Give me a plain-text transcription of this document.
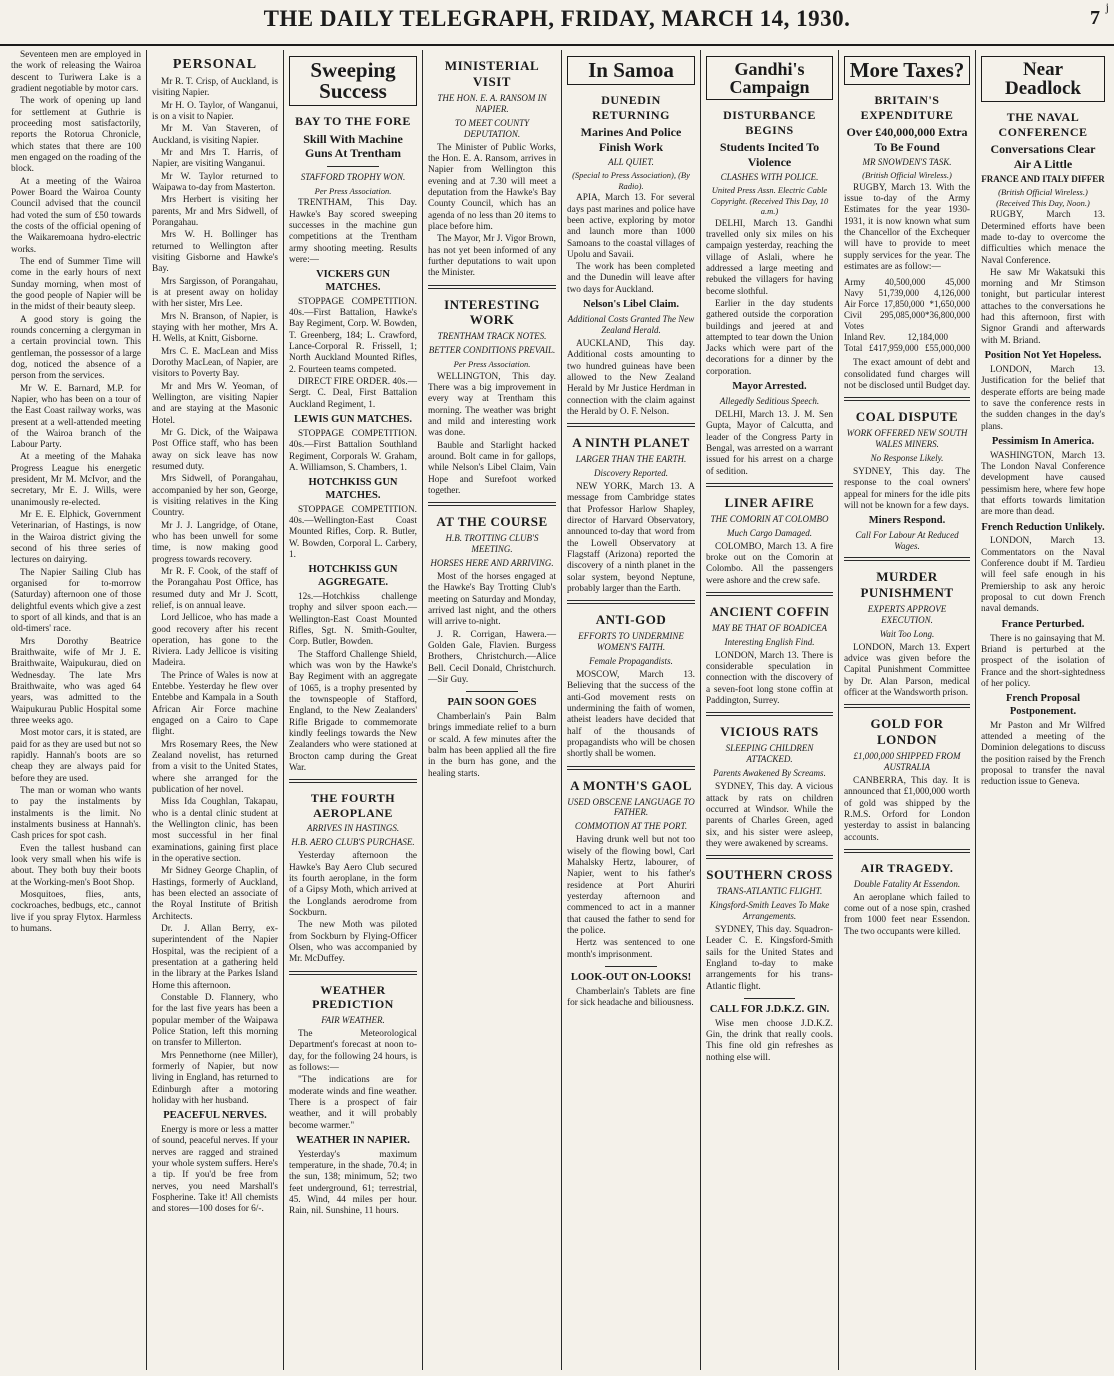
THE DAILY TELEGRAPH, FRIDAY, MARCH 14, 1930.	7 j

Seventeen men are employed in the work of releasing the Wairoa descent to Turiwera Lake is a gradient negotiable by motor cars.

The work of opening up land for settlement at Guthrie is proceeding most satisfactorily, reports the Rotorua Chronicle, which states that there are 100 men engaged on the roading of the block.

At a meeting of the Wairoa Power Board the Wairoa County Council advised that the council had voted the sum of £50 towards the costs of the official opening of the Waikaremoana hydro-electric works.

The end of Summer Time will come in the early hours of next Sunday morning, when most of the good people of Napier will be in the midst of their beauty sleep.

A good story is going the rounds concerning a clergyman in a certain provincial town. This gentleman, the possessor of a large dog, noticed the absence of a person from the services.

Mr W. E. Barnard, M.P. for Napier, who has been on a tour of the East Coast railway works, was present at a well-attended meeting of the Wairoa branch of the Labour Party.

At a meeting of the Mahaka Progress League his energetic president, Mr M. McIvor, and the secretary, Mr E. J. Wills, were unanimously re-elected.

Mr E. E. Elphick, Government Veterinarian, of Hastings, is now in the Wairoa district giving the second of his three series of lectures on dairying.

The Napier Sailing Club has organised for to-morrow (Saturday) afternoon one of those delightful events which give a zest to sport of all kinds, and that is an old-timers' race.

Mrs Dorothy Beatrice Braithwaite, wife of Mr J. E. Braithwaite, Waipukurau, died on Wednesday. The late Mrs Braithwaite, who was aged 64 years, was admitted to the Waipukurau Public Hospital some three weeks ago.

Most motor cars, it is stated, are paid for as they are used but not so rapidly. Hannah's boots are so cheap they are always paid for before they are used.

The man or woman who wants to pay the instalments by instalments is the limit. No instalments business at Hannah's. Cash prices for spot cash.

Even the tallest husband can look very small when his wife is about. They both buy their boots at the Working-men's Boot Shop.

Mosquitoes, flies, ants, cockroaches, bedbugs, etc., cannot live if you spray Flytox. Harmless to humans.

PERSONAL

Mr R. T. Crisp, of Auckland, is visiting Napier.

Mr H. O. Taylor, of Wanganui, is on a visit to Napier.

Mr M. Van Staveren, of Auckland, is visiting Napier.

Mr and Mrs T. Harris, of Napier, are visiting Wanganui.

Mr W. Taylor returned to Waipawa to-day from Masterton.

Mrs Herbert is visiting her parents, Mr and Mrs Sidwell, of Porangahau.

Mrs W. H. Bollinger has returned to Wellington after visiting Gisborne and Hawke's Bay.

Mrs Sargisson, of Porangahau, is at present away on holiday with her sister, Mrs Lee.

Mrs N. Branson, of Napier, is staying with her mother, Mrs A. H. Wells, at Knitt, Gisborne.

Mrs C. E. MacLean and Miss Dorothy MacLean, of Napier, are visitors to Poverty Bay.

Mr and Mrs W. Yeoman, of Wellington, are visiting Napier and are staying at the Masonic Hotel.

Mr G. Dick, of the Waipawa Post Office staff, who has been away on sick leave has now resumed duty.

Mrs Sidwell, of Porangahau, accompanied by her son, George, is visiting relatives in the King Country.

Mr J. J. Langridge, of Otane, who has been unwell for some time, is now making good progress towards recovery.

Mr R. F. Cook, of the staff of the Porangahau Post Office, has resumed duty and Mr J. Scott, relief, is on annual leave.

Lord Jellicoe, who has made a good recovery after his recent operation, has gone to the Riviera. Lady Jellicoe is visiting Madeira.

The Prince of Wales is now at Entebbe. Yesterday he flew over Entebbe and Kampala in a South African Air Force machine engaged on a Cairo to Cape flight.

Mrs Rosemary Rees, the New Zealand novelist, has returned from a visit to the United States, where she arranged for the publication of her novel.

Miss Ida Coughlan, Takapau, who is a dental clinic student at the Wellington clinic, has been most successful in her final examinations, gaining first place in the operative section.

Mr Sidney George Chaplin, of Hastings, formerly of Auckland, has been elected an associate of the Royal Institute of British Architects.

Dr. J. Allan Berry, ex-superintendent of the Napier Hospital, was the recipient of a presentation at a gathering held in the library at the Parkes Island Home this afternoon.

Constable D. Flannery, who for the last five years has been a popular member of the Waipawa Police Station, left this morning on transfer to Millerton.

Mrs Pennethorne (nee Miller), formerly of Napier, but now living in England, has returned to Edinburgh after a motoring holiday with her husband.

PEACEFUL NERVES.

Energy is more or less a matter of sound, peaceful nerves. If your nerves are ragged and strained your whole system suffers. Here's a tip. If you'd be free from nerves, you need Marshall's Fospherine. Take it! All chemists and stores—100 doses for 6/-.

Sweeping Success
BAY TO THE FORE
Skill With Machine Guns At Trentham
STAFFORD TROPHY WON.
Per Press Association.

TRENTHAM, This Day. Hawke's Bay scored sweeping successes in the machine gun competitions at the Trentham army shooting meeting. Results were:—

VICKERS GUN MATCHES.

STOPPAGE COMPETITION. 40s.—First Battalion, Hawke's Bay Regiment, Corp. W. Bowden, T. Greenberg, 184; L. Crawford, Lance-Corporal R. Frissell, 1; North Auckland Mounted Rifles, 2. Fourteen teams competed.

DIRECT FIRE ORDER. 40s.—Sergt. C. Deal, First Battalion Auckland Regiment, 1.

LEWIS GUN MATCHES.

STOPPAGE COMPETITION. 40s.—First Battalion Southland Regiment, Corporals W. Graham, A. Williamson, S. Chambers, 1.

HOTCHKISS GUN MATCHES.

STOPPAGE COMPETITION. 40s.—Wellington-East Coast Mounted Rifles, Corp. R. Butler, W. Bowden, Corporal L. Carbery, 1.

HOTCHKISS GUN AGGREGATE.

12s.—Hotchkiss challenge trophy and silver spoon each.—Wellington-East Coast Mounted Rifles, Sgt. N. Smith-Goulter, Corp. Butler, Bowden.

The Stafford Challenge Shield, which was won by the Hawke's Bay Regiment with an aggregate of 1065, is a trophy presented by the townspeople of Stafford, England, to the New Zealanders' Rifle Brigade to commemorate kindly feelings towards the New Zealanders who were stationed at Brocton camp during the Great War.

THE FOURTH AEROPLANE
ARRIVES IN HASTINGS.
H.B. AERO CLUB'S PURCHASE.

Yesterday afternoon the Hawke's Bay Aero Club secured its fourth aeroplane, in the form of a Gipsy Moth, which arrived at the Longlands aerodrome from Sockburn.

The new Moth was piloted from Sockburn by Flying-Officer Olsen, who was accompanied by Mr. McDuffey.

WEATHER PREDICTION
FAIR WEATHER.

The Meteorological Department's forecast at noon to-day, for the following 24 hours, is as follows:—

"The indications are for moderate winds and fine weather. There is a prospect of fair weather, and it will probably become warmer."

WEATHER IN NAPIER.

Yesterday's maximum temperature, in the shade, 70.4; in the sun, 138; minimum, 52; two feet underground, 61; terrestrial, 45. Wind, 44 miles per hour. Rain, nil. Sunshine, 11 hours.

MINISTERIAL VISIT
THE HON. E. A. RANSOM IN NAPIER.
TO MEET COUNTY DEPUTATION.

The Minister of Public Works, the Hon. E. A. Ransom, arrives in Napier from Wellington this evening and at 7.30 will meet a deputation from the Hawke's Bay County Council, which has an agenda of no less than 20 items to place before him.

The Mayor, Mr J. Vigor Brown, has not yet been informed of any further deputations to wait upon the Minister.

INTERESTING WORK
TRENTHAM TRACK NOTES.
BETTER CONDITIONS PREVAIL.
Per Press Association.

WELLINGTON, This day. There was a big improvement in every way at Trentham this morning. The weather was bright and mild and interesting work was done.

Bauble and Starlight hacked around. Bolt came in for gallops, while Nelson's Libel Claim, Vain Hope and Surefoot worked together.

AT THE COURSE
H.B. TROTTING CLUB'S MEETING.
HORSES HERE AND ARRIVING.

Most of the horses engaged at the Hawke's Bay Trotting Club's meeting on Saturday and Monday, arrived last night, and the others will arrive to-night.

J. R. Corrigan, Hawera.—Golden Gale, Flavien. Burgess Brothers, Christchurch.—Alice Bell. Cecil Donald, Christchurch.—Sir Guy.

PAIN SOON GOES

Chamberlain's Pain Balm brings immediate relief to a burn or scald. A few minutes after the balm has been applied all the fire in the burn has gone, and the healing starts.

In Samoa
DUNEDIN RETURNING
Marines And Police Finish Work
ALL QUIET.
(Special to Press Association), (By Radio).

APIA, March 13. For several days past marines and police have been active, exploring by motor and launch more than 1000 Samoans to the coastal villages of Upolu and Savaii.

The work has been completed and the Dunedin will leave after two days for Auckland.

Nelson's Libel Claim.
Additional Costs Granted The New Zealand Herald.

AUCKLAND, This day. Additional costs amounting to two hundred guineas have been allowed to the New Zealand Herald by Mr Justice Herdman in connection with the claim against the Herald by O. F. Nelson.

A NINTH PLANET
LARGER THAN THE EARTH.
Discovery Reported.

NEW YORK, March 13. A message from Cambridge states that Professor Harlow Shapley, director of Harvard Observatory, announced to-day that word from the Lowell Observatory at Flagstaff (Arizona) reported the discovery of a ninth planet in the solar system, beyond Neptune, probably larger than the Earth.

ANTI-GOD
EFFORTS TO UNDERMINE WOMEN'S FAITH.
Female Propagandists.

MOSCOW, March 13. Believing that the success of the anti-God movement rests on undermining the faith of women, atheist leaders have decided that half of the thousands of propagandists who will be chosen shortly shall be women.

A MONTH'S GAOL
USED OBSCENE LANGUAGE TO FATHER.
COMMOTION AT THE PORT.

Having drunk well but not too wisely of the flowing bowl, Carl Mahalsky Hertz, labourer, of Napier, went to his father's residence at Port Ahuriri yesterday afternoon and commenced to act in a manner that caused the father to send for the police.

Hertz was sentenced to one month's imprisonment.

LOOK-OUT ON-LOOKS!

Chamberlain's Tablets are fine for sick headache and biliousness.

Gandhi's Campaign
DISTURBANCE BEGINS
Students Incited To Violence
CLASHES WITH POLICE.
United Press Assn. Electric Cable Copyright. (Received This Day, 10 a.m.)

DELHI, March 13. Gandhi travelled only six miles on his campaign yesterday, reaching the village of Aslali, where he addressed a large meeting and rebuked the villagers for having become slothful.

Earlier in the day students gathered outside the corporation buildings and jeered at and attempted to tear down the Union Jacks which were part of the decorations for a dinner by the corporation.

Mayor Arrested.
Allegedly Seditious Speech.

DELHI, March 13. J. M. Sen Gupta, Mayor of Calcutta, and leader of the Congress Party in Bengal, was arrested on a warrant issued for his arrest on a charge of sedition.

LINER AFIRE
THE COMORIN AT COLOMBO
Much Cargo Damaged.

COLOMBO, March 13. A fire broke out on the Comorin at Colombo. All the passengers were ashore and the crew safe.

ANCIENT COFFIN
MAY BE THAT OF BOADICEA
Interesting English Find.

LONDON, March 13. There is considerable speculation in connection with the discovery of a seven-foot long stone coffin at Paddington, Surrey.

VICIOUS RATS
SLEEPING CHILDREN ATTACKED.
Parents Awakened By Screams.

SYDNEY, This day. A vicious attack by rats on children occurred at Windsor. While the parents of Charles Green, aged six, and his sister were asleep, they were awakened by screams.

SOUTHERN CROSS
TRANS-ATLANTIC FLIGHT.
Kingsford-Smith Leaves To Make Arrangements.

SYDNEY, This day. Squadron-Leader C. E. Kingsford-Smith sails for the United States and England to-day to make arrangements for his trans-Atlantic flight.

CALL FOR J.D.K.Z. GIN.

Wise men choose J.D.K.Z. Gin, the drink that really cools. This fine old gin refreshes as nothing else will.

More Taxes?
BRITAIN'S EXPENDITURE
Over £40,000,000 Extra To Be Found
MR SNOWDEN'S TASK.
(British Official Wireless.)

RUGBY, March 13. With the issue to-day of the Army Estimates for the year 1930-1931, it is now known what sum the Chancellor of the Exchequer will have to provide to meet supply services for the year. The estimates are as follow:—

Army 40,500,000 45,000
Navy 51,739,000 4,126,000
Air Force 17,850,000 *1,650,000
Civil Votes
295,085,000 *36,800,000
Inland Rev. 12,184,000
Total £417,959,000 £55,000,000

The exact amount of debt and consolidated fund charges will not be disclosed until Budget day.

COAL DISPUTE
WORK OFFERED NEW SOUTH WALES MINERS.
No Response Likely.

SYDNEY, This day. The response to the coal owners' appeal for miners for the idle pits will not be known for a few days.

Miners Respond.
Call For Labour At Reduced Wages.
MURDER PUNISHMENT
EXPERTS APPROVE EXECUTION.
Wait Too Long.

LONDON, March 13. Expert advice was given before the Capital Punishment Committee by Dr. Alan Parson, medical officer at the Wandsworth prison.

GOLD FOR LONDON
£1,000,000 SHIPPED FROM AUSTRALIA

CANBERRA, This day. It is announced that £1,000,000 worth of gold was shipped by the R.M.S. Orford for London yesterday to assist in balancing accounts.

AIR TRAGEDY.
Double Fatality At Essendon.

An aeroplane which failed to come out of a nose spin, crashed from 1000 feet near Essendon. The two occupants were killed.

Near Deadlock
THE NAVAL CONFERENCE
Conversations Clear Air A Little
FRANCE AND ITALY DIFFER
(British Official Wireless.) (Received This Day, Noon.)

RUGBY, March 13. Determined efforts have been made to-day to overcome the difficulties which menace the Naval Conference.

He saw Mr Wakatsuki this morning and Mr Stimson tonight, but particular interest attaches to the conversations he had this afternoon, first with Signor Grandi and afterwards with M. Briand.

Position Not Yet Hopeless.

LONDON, March 13. Justification for the belief that desperate efforts are being made to save the conference rests in the sudden changes in the day's plans.

Pessimism In America.

WASHINGTON, March 13. The London Naval Conference development have caused pessimism here, where few hope that efforts towards limitation are more than dead.

French Reduction Unlikely.

LONDON, March 13. Commentators on the Naval Conference doubt if M. Tardieu will feel safe enough in his Premiership to ask any heroic proposal to cut down French naval demands.

France Perturbed.

There is no gainsaying that M. Briand is perturbed at the prospect of the isolation of France and the short-sightedness of her policy.

French Proposal Postponement.

Mr Paston and Mr Wilfred attended a meeting of the Dominion delegations to discuss the position raised by the French proposal to transfer the naval reduction issue to Geneva.
